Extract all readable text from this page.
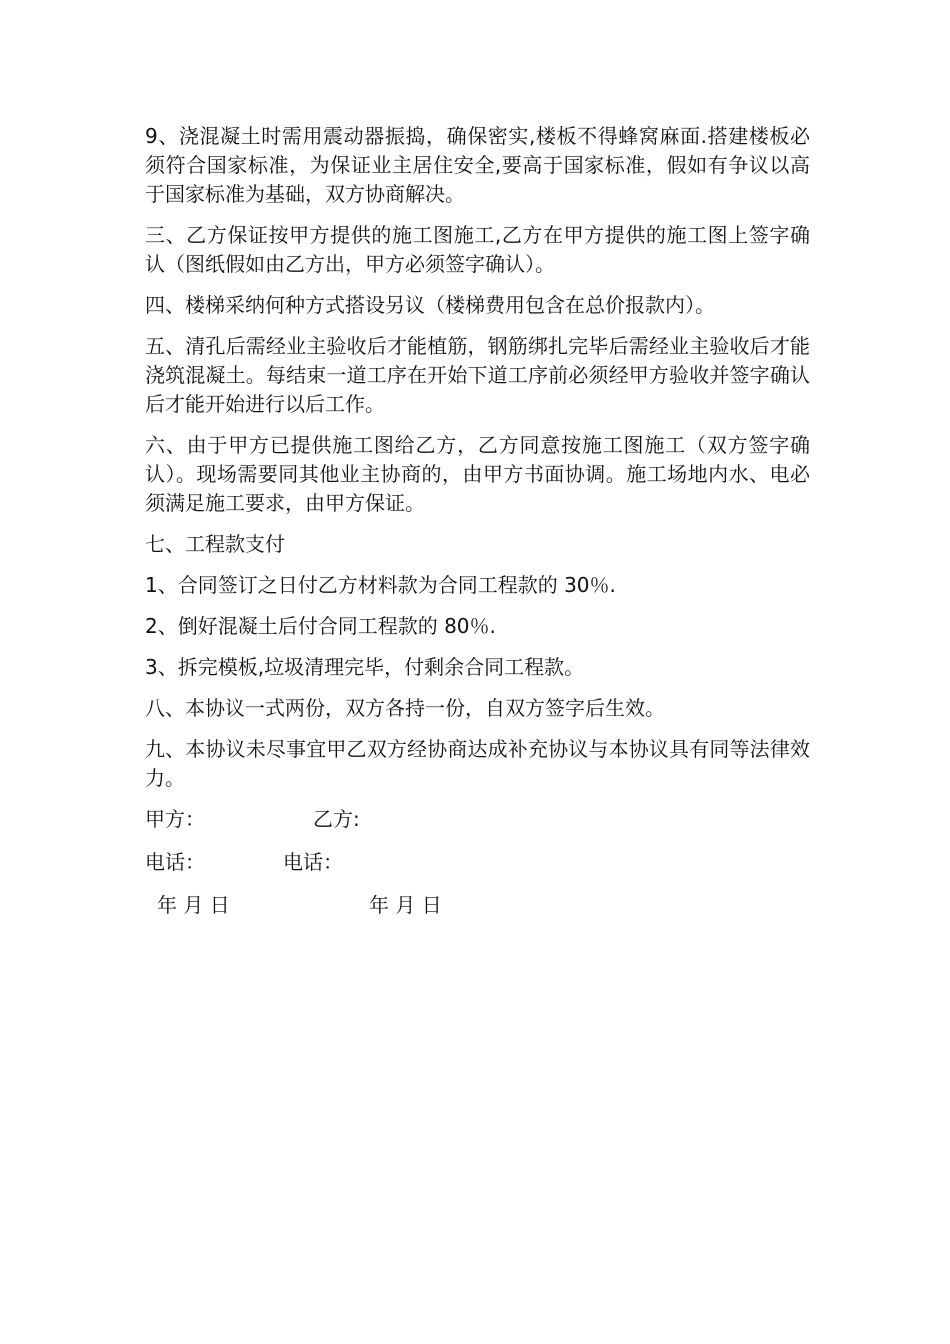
9、浇混凝土时需用震动器振捣，确保密实,楼板不得蜂窝麻面.搭建楼板必须符合国家标准，为保证业主居住安全,要高于国家标准，假如有争议以高于国家标准为基础，双方协商解决。

三、乙方保证按甲方提供的施工图施工,乙方在甲方提供的施工图上签字确认（图纸假如由乙方出，甲方必须签字确认）。

四、楼梯采纳何种方式搭设另议（楼梯费用包含在总价报款内）。

五、清孔后需经业主验收后才能植筋，钢筋绑扎完毕后需经业主验收后才能浇筑混凝土。每结束一道工序在开始下道工序前必须经甲方验收并签字确认后才能开始进行以后工作。

六、由于甲方已提供施工图给乙方，乙方同意按施工图施工（双方签字确认）。现场需要同其他业主协商的，由甲方书面协调。施工场地内水、电必须满足施工要求，由甲方保证。

七、工程款支付

1、合同签订之日付乙方材料款为合同工程款的 30％.

2、倒好混凝土后付合同工程款的 80％.

3、拆完模板,垃圾清理完毕，付剩余合同工程款。

八、本协议一式两份，双方各持一份，自双方签字后生效。

九、本协议未尽事宜甲乙双方经协商达成补充协议与本协议具有同等法律效力。

甲方：	乙方:
电话：	电话：
年 月 日	年 月 日
